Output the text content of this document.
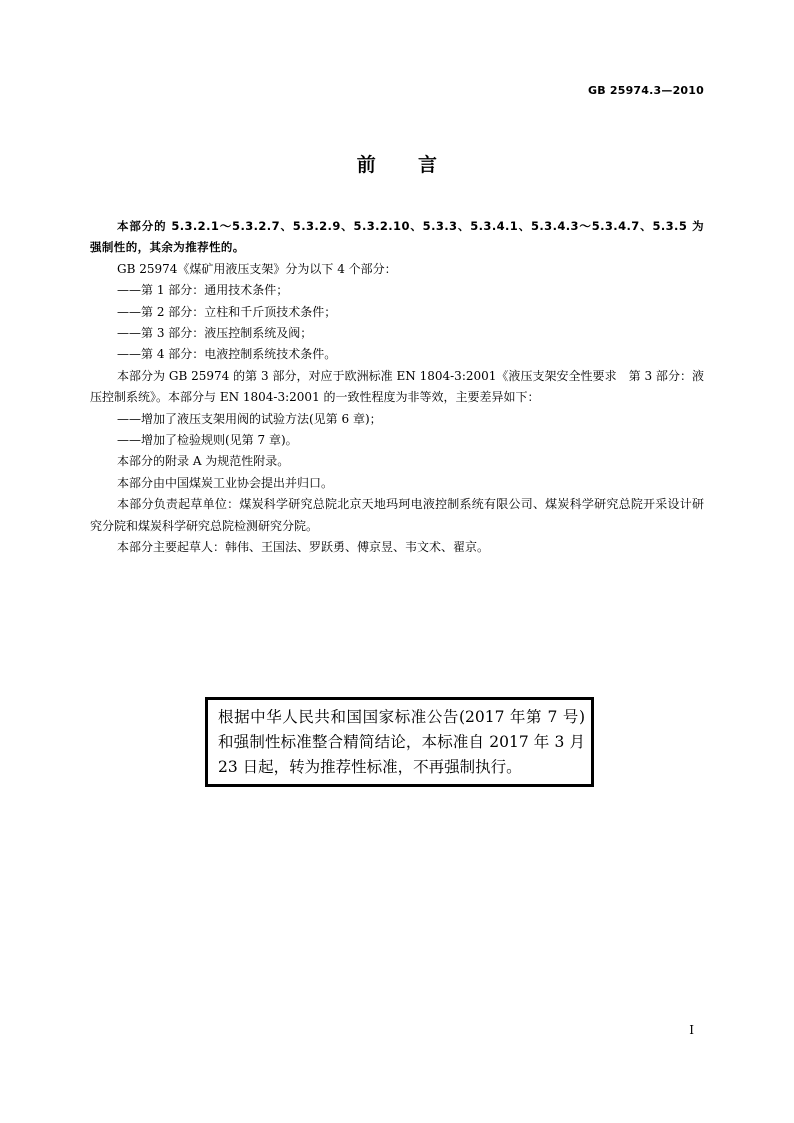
GB 25974.3—2010
前 言

本部分的 5.3.2.1～5.3.2.7、5.3.2.9、5.3.2.10、5.3.3、5.3.4.1、5.3.4.3～5.3.4.7、5.3.5 为强制性的，其余为推荐性的。

GB 25974《煤矿用液压支架》分为以下 4 个部分：

——第 1 部分：通用技术条件；

——第 2 部分：立柱和千斤顶技术条件；

——第 3 部分：液压控制系统及阀；

——第 4 部分：电液控制系统技术条件。

本部分为 GB 25974 的第 3 部分，对应于欧洲标准 EN 1804-3:2001《液压支架安全性要求　第 3 部分：液压控制系统》。本部分与 EN 1804-3:2001 的一致性程度为非等效，主要差异如下：

——增加了液压支架用阀的试验方法(见第 6 章)；

——增加了检验规则(见第 7 章)。

本部分的附录 A 为规范性附录。

本部分由中国煤炭工业协会提出并归口。

本部分负责起草单位：煤炭科学研究总院北京天地玛珂电液控制系统有限公司、煤炭科学研究总院开采设计研究分院和煤炭科学研究总院检测研究分院。

本部分主要起草人：韩伟、王国法、罗跃勇、傅京昱、韦文术、翟京。

根据中华人民共和国国家标准公告(2017 年第 7 号)和强制性标准整合精简结论，本标准自 2017 年 3 月 23 日起，转为推荐性标准，不再强制执行。
I
